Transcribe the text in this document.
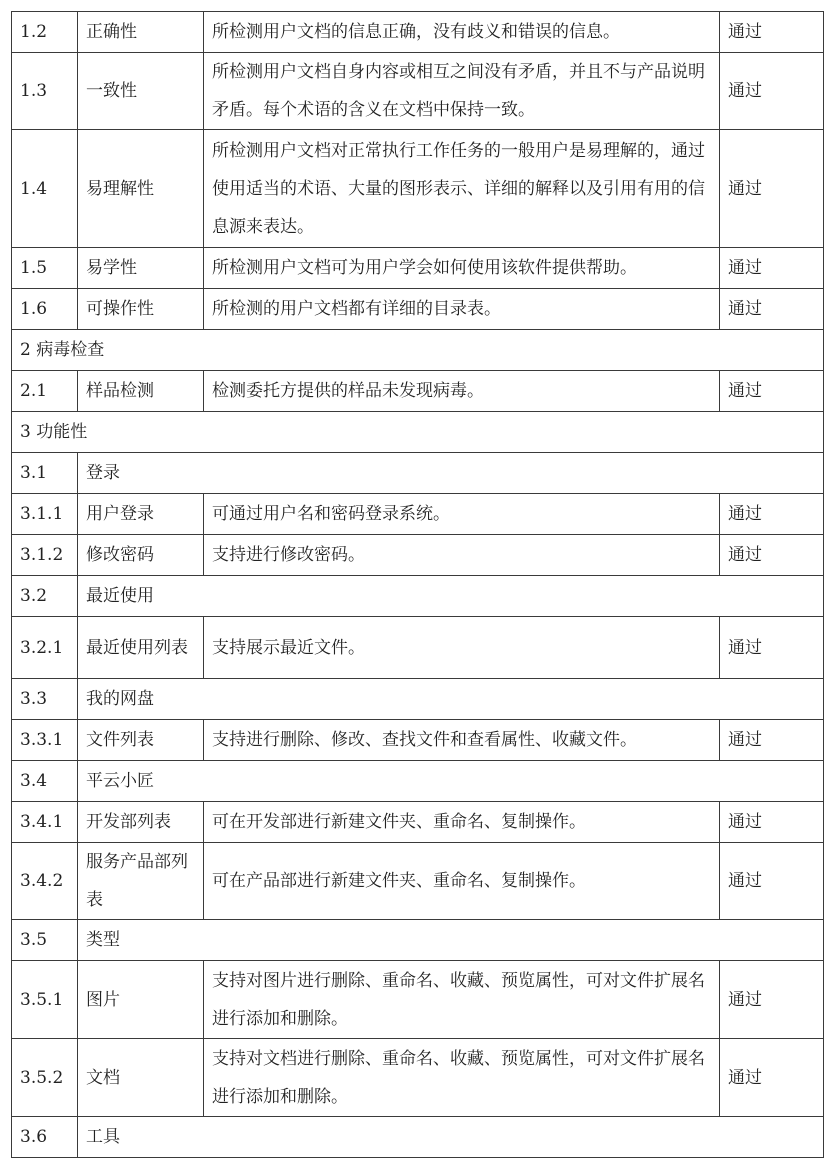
1.2	正确性	所检测用户文档的信息正确，没有歧义和错误的信息。	通过
1.3	一致性	所检测用户文档自身内容或相互之间没有矛盾，并且不与产品说明矛盾。每个术语的含义在文档中保持一致。	通过
1.4	易理解性	所检测用户文档对正常执行工作任务的一般用户是易理解的，通过使用适当的术语、大量的图形表示、详细的解释以及引用有用的信息源来表达。	通过
1.5	易学性	所检测用户文档可为用户学会如何使用该软件提供帮助。	通过
1.6	可操作性	所检测的用户文档都有详细的目录表。	通过
2 病毒检查			
2.1	样品检测	检测委托方提供的样品未发现病毒。	通过
3 功能性			
3.1	登录		
3.1.1	用户登录	可通过用户名和密码登录系统。	通过
3.1.2	修改密码	支持进行修改密码。	通过
3.2	最近使用		
3.2.1	最近使用列表	支持展示最近文件。	通过
3.3	我的网盘		
3.3.1	文件列表	支持进行删除、修改、查找文件和查看属性、收藏文件。	通过
3.4	平云小匠		
3.4.1	开发部列表	可在开发部进行新建文件夹、重命名、复制操作。	通过
3.4.2	服务产品部列表	可在产品部进行新建文件夹、重命名、复制操作。	通过
3.5	类型		
3.5.1	图片	支持对图片进行删除、重命名、收藏、预览属性，可对文件扩展名进行添加和删除。	通过
3.5.2	文档	支持对文档进行删除、重命名、收藏、预览属性，可对文件扩展名进行添加和删除。	通过
3.6	工具		
